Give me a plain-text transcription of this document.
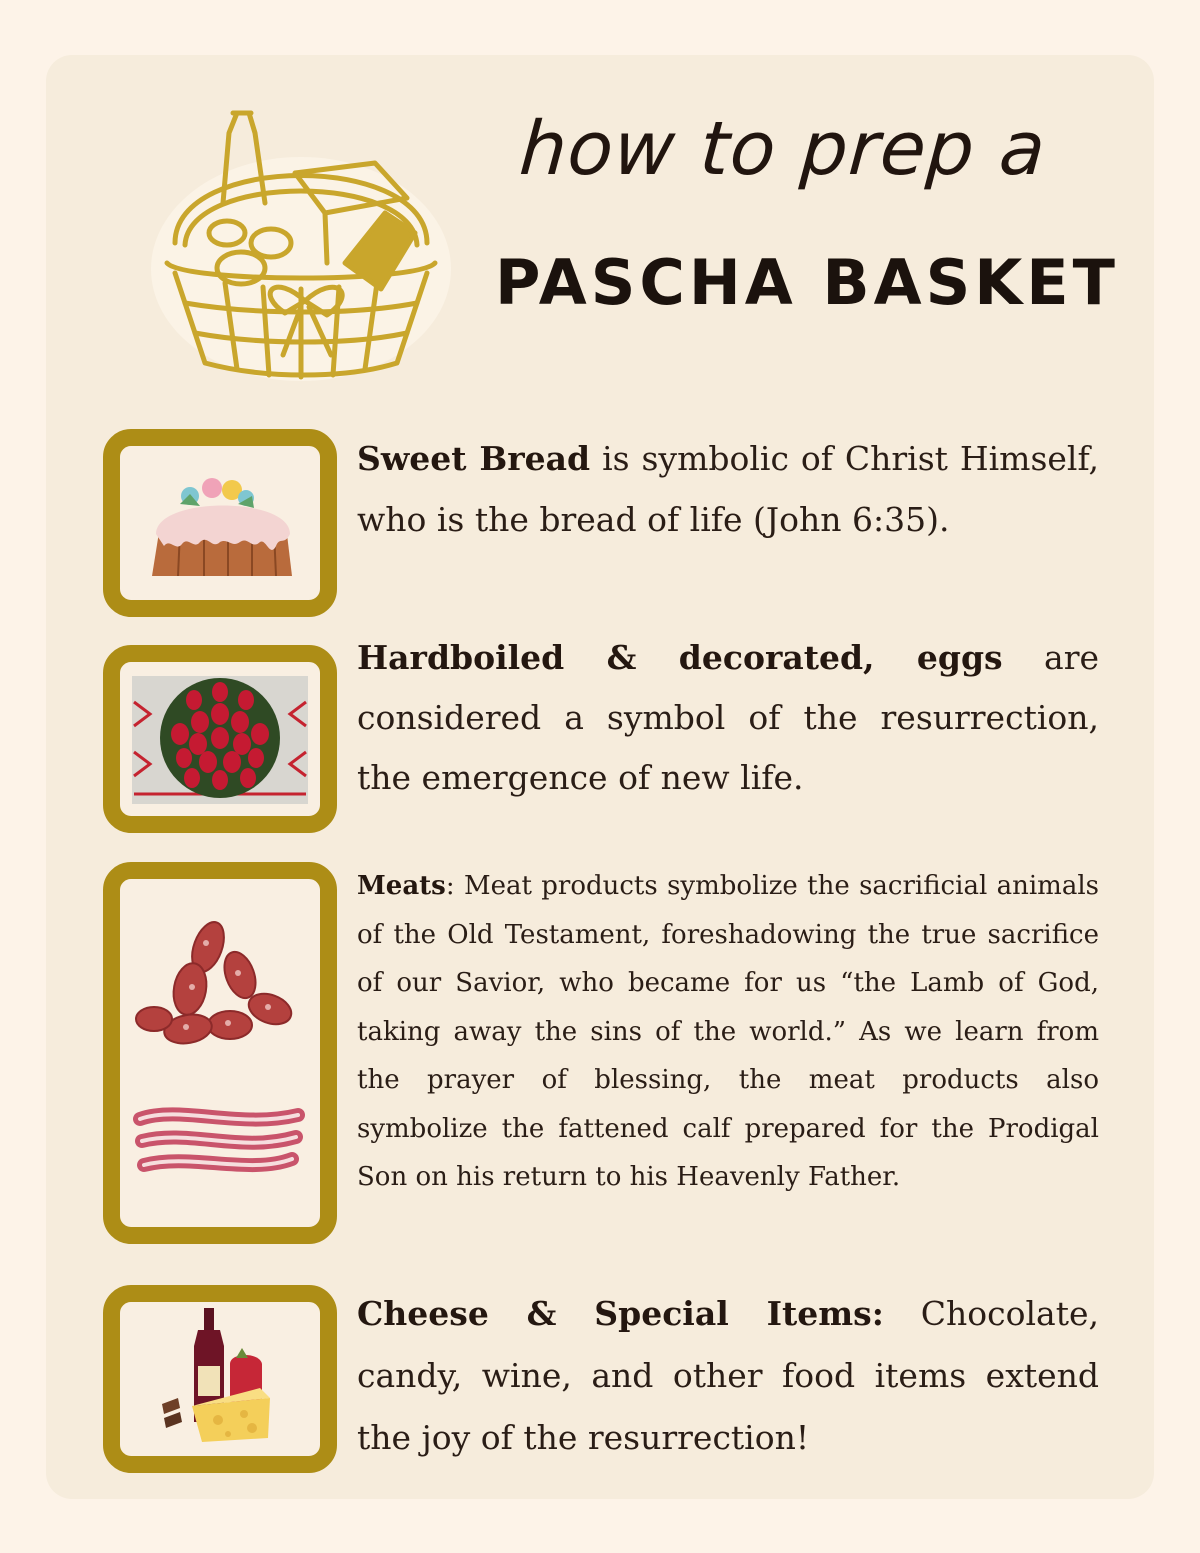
how to prep a
PASCHA BASKET
Sweet Bread is symbolic of Christ Himself, who is the bread of life (John 6:35).
Hardboiled & decorated, eggs are considered a symbol of the resurrection, the emergence of new life.
Meats: Meat products symbolize the sacrificial animals of the Old Testament, foreshadowing the true sacrifice of our Savior, who became for us “the Lamb of God, taking away the sins of the world.” As we learn from the prayer of blessing, the meat products also symbolize the fattened calf prepared for the Prodigal Son on his return to his Heavenly Father.
Cheese & Special Items: Chocolate, candy, wine, and other food items extend the joy of the resurrection!
